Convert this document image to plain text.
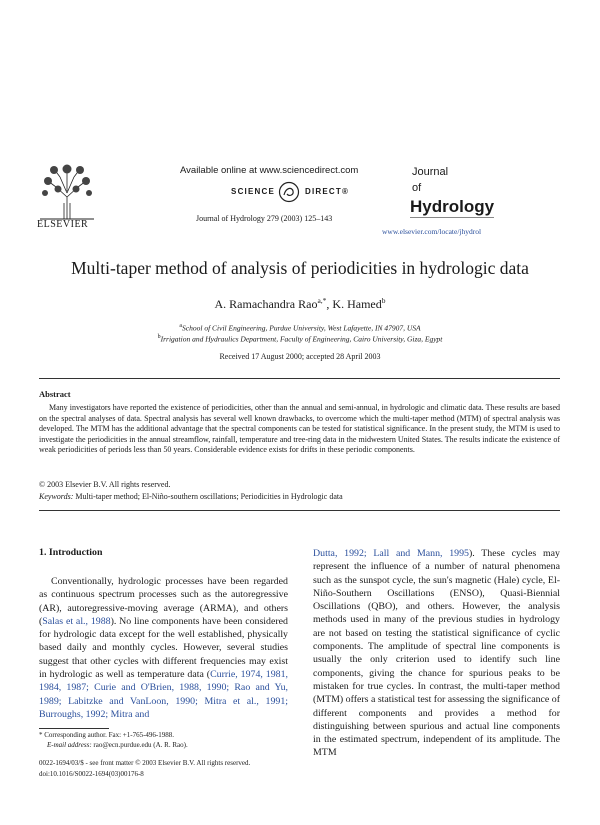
ELSEVIER
Available online at www.sciencedirect.com
SCIENCE	DIRECT®
Journal of Hydrology 279 (2003) 125–143
Journal
of
Hydrology
www.elsevier.com/locate/jhydrol
Multi-taper method of analysis of periodicities in hydrologic data
A. Ramachandra Rao$^{a,*}$, K. Hamed$^b$
$^a$School of Civil Engineering, Purdue University, West Lafayette, IN 47907, USA
$^b$Irrigation and Hydraulics Department, Faculty of Engineering, Cairo University, Giza, Egypt
Received 17 August 2000; accepted 28 April 2003
Abstract
Many investigators have reported the existence of periodicities, other than the annual and semi-annual, in hydrologic and climatic data. These results are based on the spectral analyses of data. Spectral analysis has several well known drawbacks, to overcome which the multi-taper method (MTM) of spectral analysis was developed. The MTM has the additional advantage that the spectral components can be tested for statistical significance. In the present study, the MTM is used to investigate the periodicities in the annual streamflow, rainfall, temperature and tree-ring data in the midwestern United States. The results indicate the existence of weak periodicities of periods less than 50 years. Considerable evidence exists for drifts in these periodic components.
© 2003 Elsevier B.V. All rights reserved.
Keywords: Multi-taper method; El-Niño-southern oscillations; Periodicities in Hydrologic data
1. Introduction

Conventionally, hydrologic processes have been regarded as continuous spectrum processes such as the autoregressive (AR), autoregressive-moving average (ARMA), and others (Salas et al., 1988). No line components have been considered for hydrologic data except for the well established, physically based daily and monthly cycles. However, several studies suggest that other cycles with different frequencies may exist in hydrologic as well as temperature data (Currie, 1974, 1981, 1984, 1987; Curie and O'Brien, 1988, 1990; Rao and Yu, 1989; Labitzke and VanLoon, 1990; Mitra et al., 1991; Burroughs, 1992; Mitra and

Dutta, 1992; Lall and Mann, 1995). These cycles may represent the influence of a number of natural phenomena such as the sunspot cycle, the sun's magnetic (Hale) cycle, El-Niño-Southern Oscillations (ENSO), Quasi-Biennial Oscillations (QBO), and others. However, the analysis methods used in many of the previous studies in hydrology are not based on testing the statistical significance of cyclic components. The amplitude of spectral line components is usually the only criterion used to identify such line components, giving the chance for spurious peaks to be mistaken for true cycles. In contrast, the multi-taper method (MTM) offers a statistical test for assessing the significance of different components and provides a method for distinguishing between spurious and actual line components in the estimated spectrum, independent of its amplitude. The MTM

* Corresponding author. Fax: +1-765-496-1988.
E-mail address: rao@ecn.purdue.edu (A. R. Rao).
0022-1694/03/$ - see front matter © 2003 Elsevier B.V. All rights reserved.
doi:10.1016/S0022-1694(03)00176-8
